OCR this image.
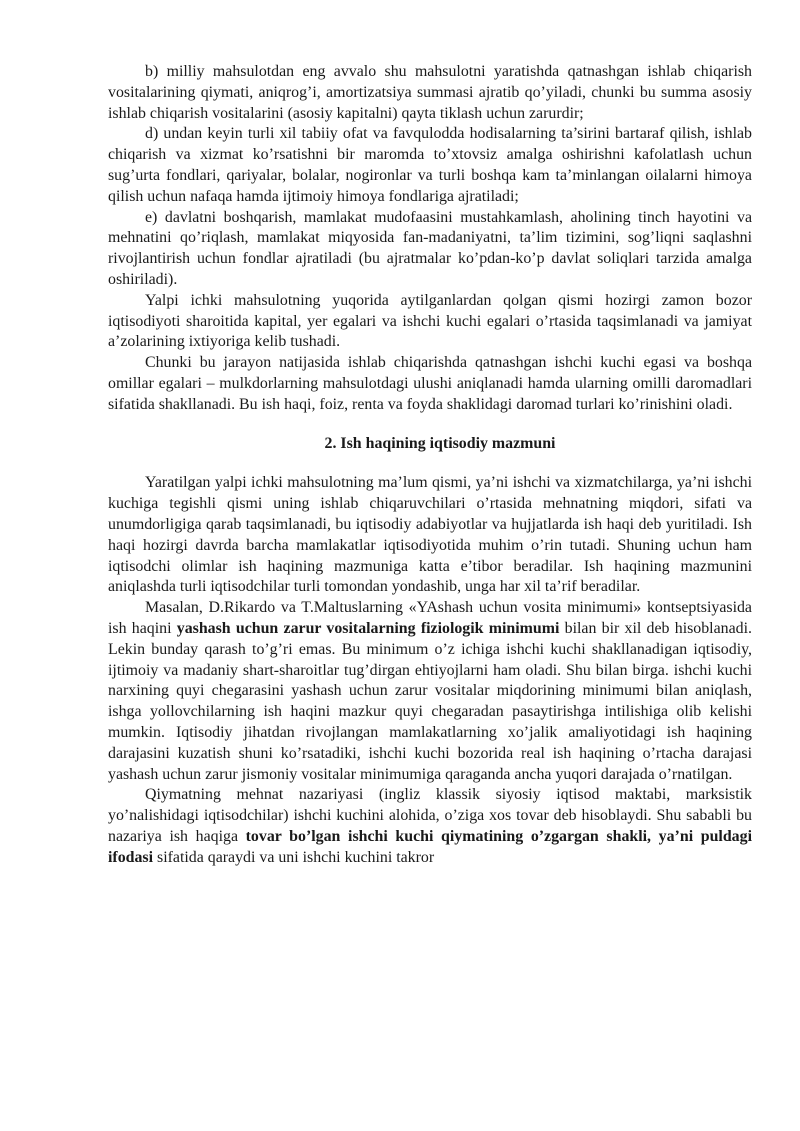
b) milliy mahsulotdan eng avvalo shu mahsulotni yaratishda qatnashgan ishlab chiqarish vositalarining qiymati, aniqrog’i, amortizatsiya summasi ajratib qo’yiladi, chunki bu summa asosiy ishlab chiqarish vositalarini (asosiy kapitalni) qayta tiklash uchun zarurdir;

d) undan keyin turli xil tabiiy ofat va favqulodda hodisalarning ta’sirini bartaraf qilish, ishlab chiqarish va xizmat ko’rsatishni bir maromda to’xtovsiz amalga oshirishni kafolatlash uchun sug’urta fondlari, qariyalar, bolalar, nogironlar va turli boshqa kam ta’minlangan oilalarni himoya qilish uchun nafaqa hamda ijtimoiy himoya fondlariga ajratiladi;

e) davlatni boshqarish, mamlakat mudofaasini mustahkamlash, aholining tinch hayotini va mehnatini qo’riqlash, mamlakat miqyosida fan-madaniyatni, ta’lim tizimini, sog’liqni saqlashni rivojlantirish uchun fondlar ajratiladi (bu ajratmalar ko’pdan-ko’p davlat soliqlari tarzida amalga oshiriladi).

Yalpi ichki mahsulotning yuqorida aytilganlardan qolgan qismi hozirgi zamon bozor iqtisodiyoti sharoitida kapital, yer egalari va ishchi kuchi egalari o’rtasida taqsimlanadi va jamiyat a’zolarining ixtiyoriga kelib tushadi.

Chunki bu jarayon natijasida ishlab chiqarishda qatnashgan ishchi kuchi egasi va boshqa omillar egalari – mulkdorlarning mahsulotdagi ulushi aniqlanadi hamda ularning omilli daromadlari sifatida shakllanadi. Bu ish haqi, foiz, renta va foyda shaklidagi daromad turlari ko’rinishini oladi.

2. Ish haqining iqtisodiy mazmuni

Yaratilgan yalpi ichki mahsulotning ma’lum qismi, ya’ni ishchi va xizmatchilarga, ya’ni ishchi kuchiga tegishli qismi uning ishlab chiqaruvchilari o’rtasida mehnatning miqdori, sifati va unumdorligiga qarab taqsimlanadi, bu iqtisodiy adabiyotlar va hujjatlarda ish haqi deb yuritiladi. Ish haqi hozirgi davrda barcha mamlakatlar iqtisodiyotida muhim o’rin tutadi. Shuning uchun ham iqtisodchi olimlar ish haqining mazmuniga katta e’tibor beradilar. Ish haqining mazmunini aniqlashda turli iqtisodchilar turli tomondan yondashib, unga har xil ta’rif beradilar.

Masalan, D.Rikardo va T.Maltuslarning «YAshash uchun vosita minimumi» kontseptsiyasida ish haqini yashash uchun zarur vositalarning fiziologik minimumi bilan bir xil deb hisoblanadi. Lekin bunday qarash to’g’ri emas. Bu minimum o’z ichiga ishchi kuchi shakllanadigan iqtisodiy, ijtimoiy va madaniy shart-sharoitlar tug’dirgan ehtiyojlarni ham oladi. Shu bilan birga. ishchi kuchi narxining quyi chegarasini yashash uchun zarur vositalar miqdorining minimumi bilan aniqlash, ishga yollovchilarning ish haqini mazkur quyi chegaradan pasaytirishga intilishiga olib kelishi mumkin. Iqtisodiy jihatdan rivojlangan mamlakatlarning xo’jalik amaliyotidagi ish haqining darajasini kuzatish shuni ko’rsatadiki, ishchi kuchi bozorida real ish haqining o’rtacha darajasi yashash uchun zarur jismoniy vositalar minimumiga qaraganda ancha yuqori darajada o’rnatilgan.

Qiymatning mehnat nazariyasi (ingliz klassik siyosiy iqtisod maktabi, marksistik yo’nalishidagi iqtisodchilar) ishchi kuchini alohida, o’ziga xos tovar deb hisoblaydi. Shu sababli bu nazariya ish haqiga tovar bo’lgan ishchi kuchi qiymatining o’zgargan shakli, ya’ni puldagi ifodasi sifatida qaraydi va uni ishchi kuchini takror
